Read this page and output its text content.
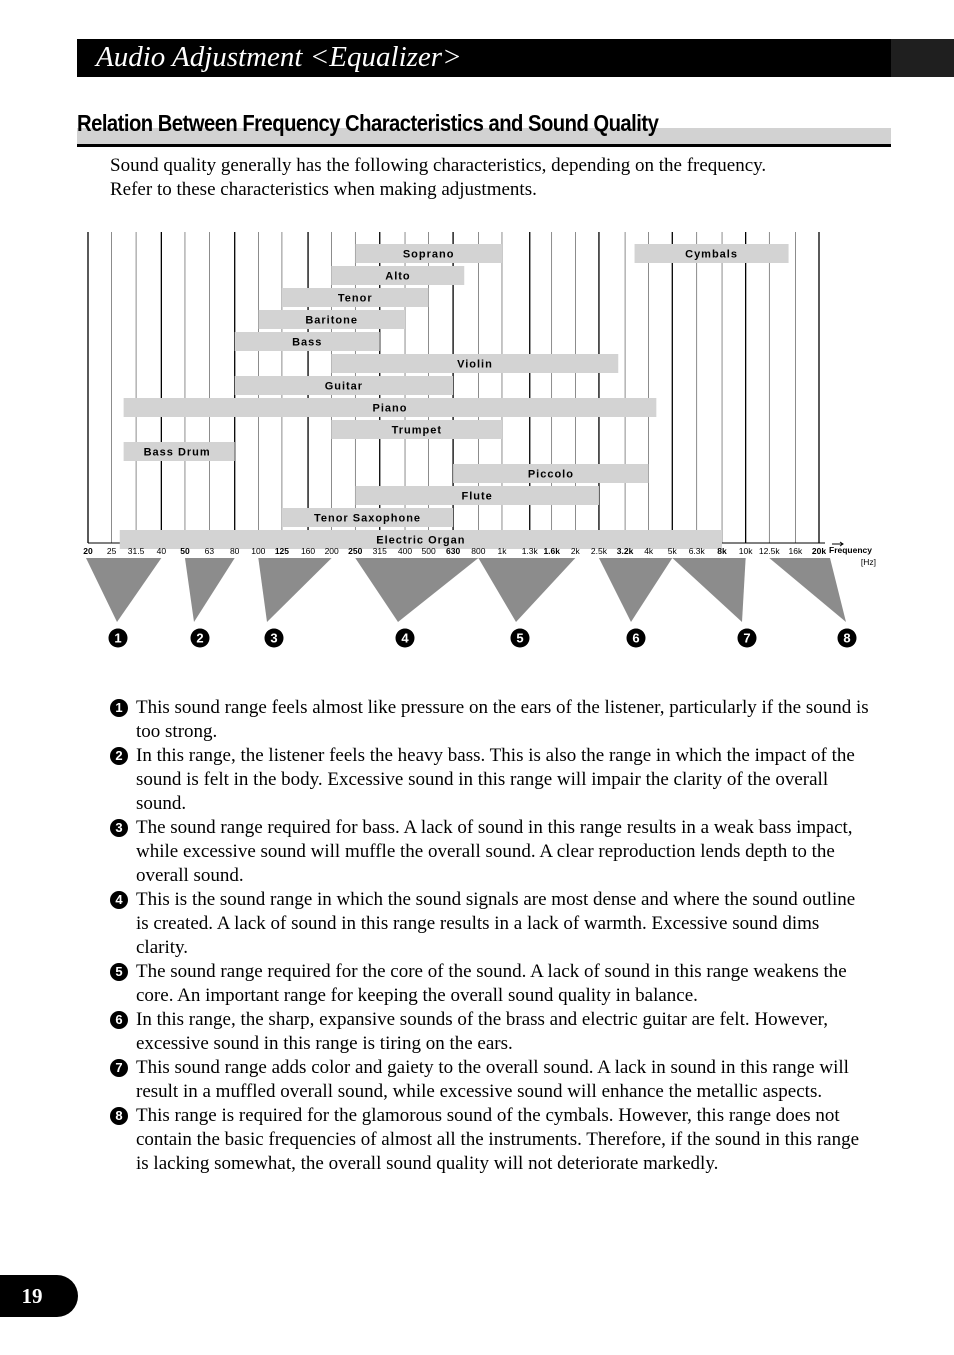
Audio Adjustment <Equalizer>
Relation Between Frequency Characteristics and Sound Quality

Sound quality generally has the following characteristics, depending on the frequency.

Refer to these characteristics when making adjustments.

Soprano
Alto
Tenor
Baritone
Bass
Violin
Guitar
Piano
Trumpet
Bass Drum
Piccolo
Flute
Tenor Saxophone
Electric Organ
Cymbals
20 25 31.5 40 50 63 80 100 125 160 200 250 315 400 500 630 800 1k 1.3k 1.6k 2k 2.5k 3.2k 4k 5k 6.3k 8k 10k 12.5k 16k 20k Frequency
[Hz]
1	2	3	4	5	6	7	8
1 This sound range feels almost like pressure on the ears of the listener, particularly if the sound is too strong.
2 In this range, the listener feels the heavy bass. This is also the range in which the impact of the sound is felt in the body. Excessive sound in this range will impair the clarity of the overall sound.
3 The sound range required for bass. A lack of sound in this range results in a weak bass impact, while excessive sound will muffle the overall sound. A clear reproduction lends depth to the overall sound.
4 This is the sound range in which the sound signals are most dense and where the sound outline is created. A lack of sound in this range results in a lack of warmth. Excessive sound dims clarity.
5 The sound range required for the core of the sound. A lack of sound in this range weakens the core. An important range for keeping the overall sound quality in balance.
6 In this range, the sharp, expansive sounds of the brass and electric guitar are felt. However, excessive sound in this range is tiring on the ears.
7 This sound range adds color and gaiety to the overall sound. A lack in sound in this range will result in a muffled overall sound, while excessive sound will enhance the metallic aspects.
8 This range is required for the glamorous sound of the cymbals. However, this range does not contain the basic frequencies of almost all the instruments. Therefore, if the sound in this range is lacking somewhat, the overall sound quality will not deteriorate markedly.
19
